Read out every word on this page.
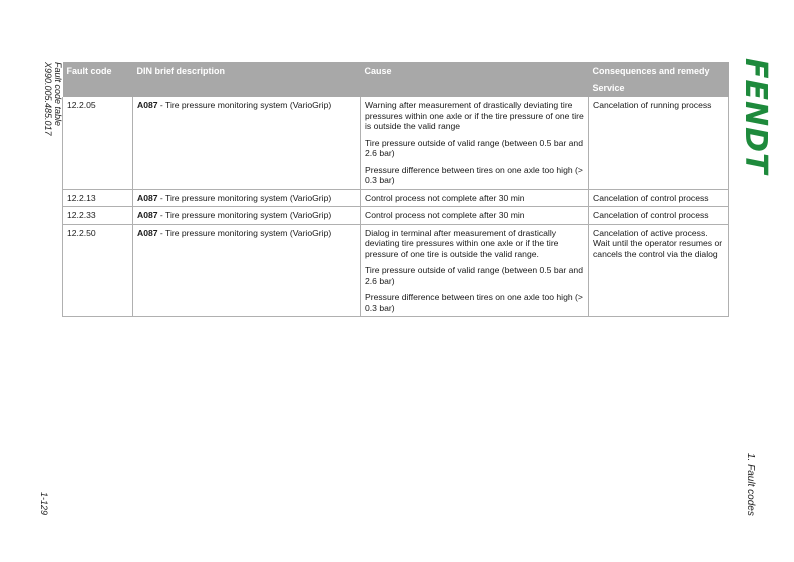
Fault code table
X990.005.485.017
1-129
FENDT
1. Fault codes
Fault code	DIN brief description	Cause	Consequences and remedy
Service

12.2.05	A087 - Tire pressure monitoring system (VarioGrip)	Warning after measurement of drastically deviating tire pressures within one axle or if the tire pressure of one tire is outside the valid range

Tire pressure outside of valid range (between 0.5 bar and 2.6 bar)

Pressure difference between tires on one axle too high (> 0.3 bar)	Cancelation of running process
12.2.13	A087 - Tire pressure monitoring system (VarioGrip)	Control process not complete after 30 min	Cancelation of control process
12.2.33	A087 - Tire pressure monitoring system (VarioGrip)	Control process not complete after 30 min	Cancelation of control process
12.2.50	A087 - Tire pressure monitoring system (VarioGrip)	Dialog in terminal after measurement of drastically deviating tire pressures within one axle or if the tire pressure of one tire is outside the valid range.

Tire pressure outside of valid range (between 0.5 bar and 2.6 bar)

Pressure difference between tires on one axle too high (> 0.3 bar)	Cancelation of active process. Wait until the operator resumes or cancels the control via the dialog
